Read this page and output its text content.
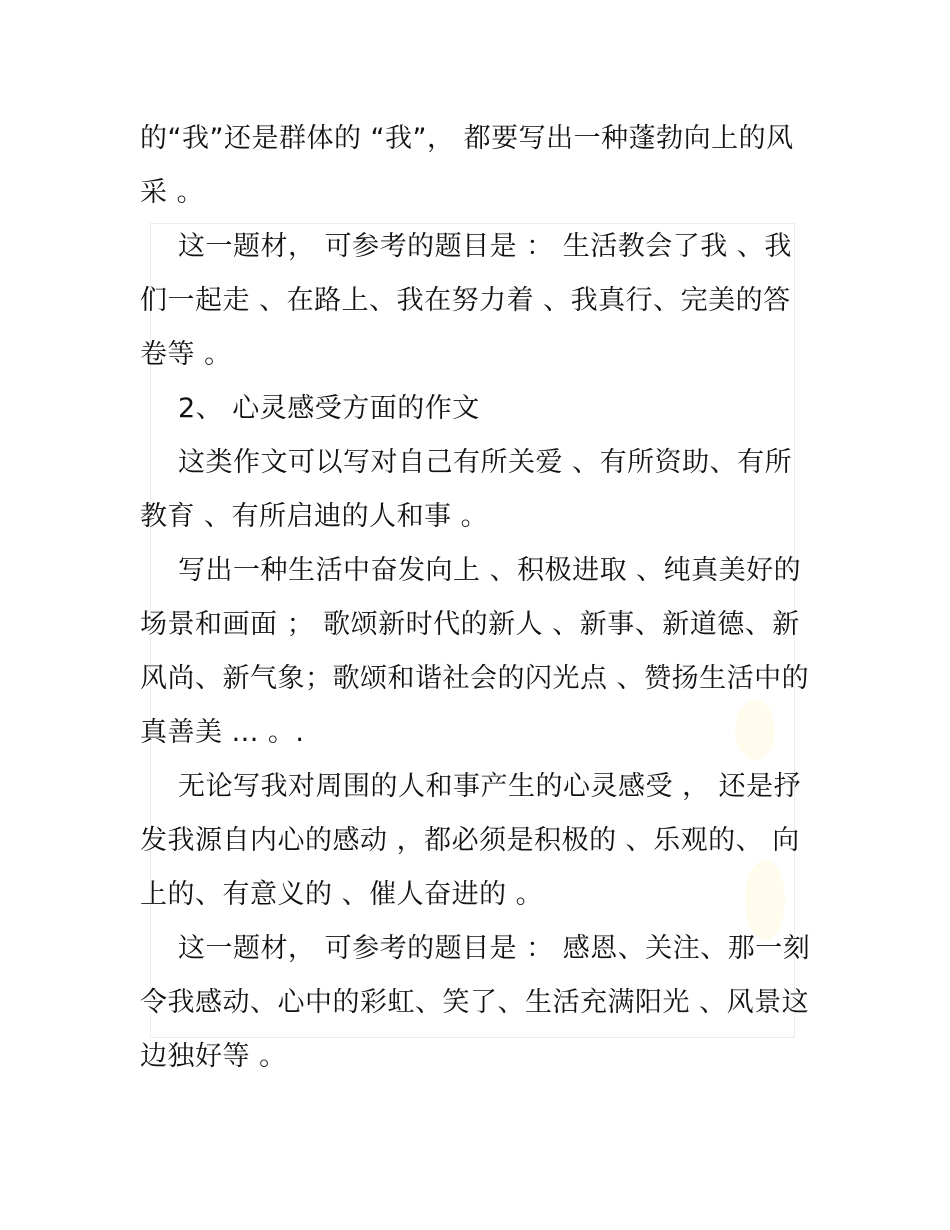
的“我”还是群体的 “我”， 都要写出一种蓬勃向上的风采 。

这一题材， 可参考的题目是 ： 生活教会了我 、我们一起走 、在路上、我在努力着 、我真行、完美的答卷等 。

2、 心灵感受方面的作文

这类作文可以写对自己有所关爱 、有所资助、有所教育 、有所启迪的人和事 。

写出一种生活中奋发向上 、积极进取 、纯真美好的场景和画面 ； 歌颂新时代的新人 、新事、新道德、新风尚、新气象；歌颂和谐社会的闪光点 、赞扬生活中的真善美 ... 。.

无论写我对周围的人和事产生的心灵感受 ， 还是抒发我源自内心的感动 ，都必须是积极的 、乐观的、 向上的、有意义的 、催人奋进的 。

这一题材， 可参考的题目是 ： 感恩、关注、那一刻令我感动、心中的彩虹、笑了、生活充满阳光 、风景这边独好等 。
